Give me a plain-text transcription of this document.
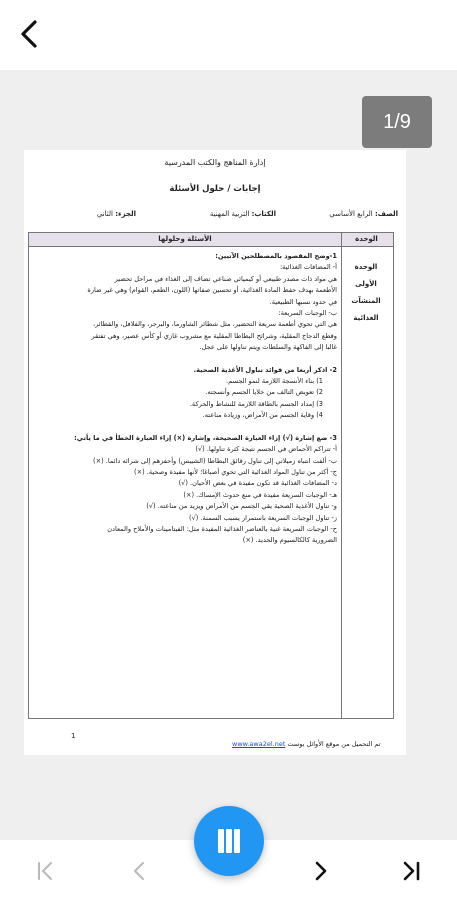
إدارة المناهج والكتب المدرسية
إجابات / حلول الأسئلة
الصف: الرابع الأساسي
الكتاب: التربية المهنية
الجزء: الثاني
الوحدة
الأسئلة وحلولها
الوحدة الأولى المنشآت الغذائية
1-وضح المقصود بالمصطلحين الآتيين:
أ- المضافات الغذائية:
هي مواد ذات مصدر طبيعي أو كيميائي صناعي تضاف إلى الغذاء في مراحل تحضير
الأطعمة بهدف حفظ المادة الغذائية، أو تحسين صفاتها (اللون، الطعم، القوام) وهي غير ضارة
في حدود نسبها الطبيعية.
ب- الوجبات السريعة:
هي التي تحوي أطعمة سريعة التحضير، مثل شطائر الشاورما، والبرجر، والفلافل، والفطائر،
وقطع الدجاج المقلية، وشرائح البطاطا المقلية مع مشروب غازي أو كأس عصير، وهي تفتقر
غالبا إلى الفاكهة والسلطات ويتم تناولها على عجل.
2- اذكر أربعا من فوائد تناول الأغذية الصحية.
1) بناء الأنسجة اللازمة لنمو الجسم.
2) تعويض التالف من خلايا الجسم وأنسجته.
3) إمداد الجسم بالطاقة اللازمة للنشاط والحركة.
4) وقاية الجسم من الأمراض، وزيادة مناعته.
3- ضع إشارة (√) إزاء العبارة الصحيحة، وإشارة (×) إزاء العبارة الخطأ في ما يأتي:
أ- تتراكم الأحماض في الجسم نتيجة كثرة تناولها. (√)
ب- ألفت انتباه زميلاتي إلى تناول رقائق البطاطا (الشيبس) وأحفزهم إلى شرائه دائما. (×)
ج- أكثر من تناول المواد الغذائية التي تحوي أصباغا؛ لأنها مفيدة وصحية. (×)
د- المضافات الغذائية قد تكون مفيدة في بعض الأحيان. (√)
هـ- الوجبات السريعة مفيدة في منع حدوث الإمساك. (×)
و- تناول الأغذية الصحية يقي الجسم من الأمراض ويزيد من مناعته. (√)
ز- تناول الوجبات السريعة باستمرار يسبب السمنة. (√)
ح- الوجبات السريعة غنية بالعناصر الغذائية المفيدة مثل: الفيتامينات والأملاح والمعادن
الضرورية كالكالسيوم والحديد. (×)
1
www.awa2el.net تم التحميل من موقع الأوائل بوست
1/9
